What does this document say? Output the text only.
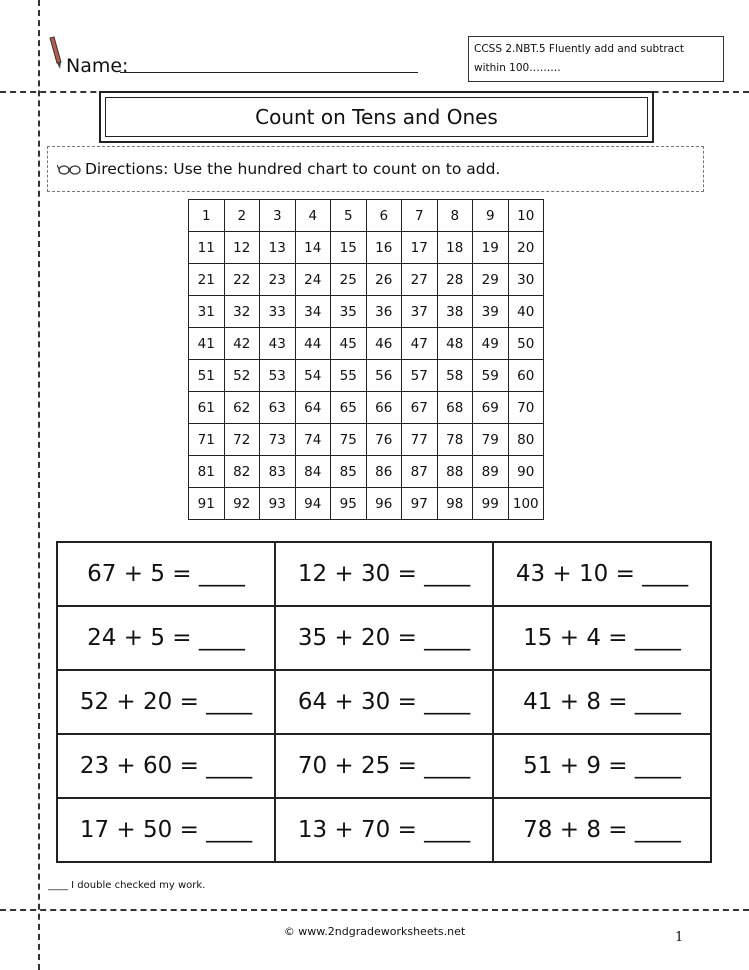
Name:
CCSS 2.NBT.5 Fluently add and subtract
within 100………
Count on Tens and Ones
Directions: Use the hundred chart to count on to add.
1	2	3	4	5	6	7	8	9	10
11	12	13	14	15	16	17	18	19	20
21	22	23	24	25	26	27	28	29	30
31	32	33	34	35	36	37	38	39	40
41	42	43	44	45	46	47	48	49	50
51	52	53	54	55	56	57	58	59	60
61	62	63	64	65	66	67	68	69	70
71	72	73	74	75	76	77	78	79	80
81	82	83	84	85	86	87	88	89	90
91	92	93	94	95	96	97	98	99	100
67 + 5 = ____	12 + 30 = ____	43 + 10 = ____
24 + 5 = ____	35 + 20 = ____	15 + 4 = ____
52 + 20 = ____	64 + 30 = ____	41 + 8 = ____
23 + 60 = ____	70 + 25 = ____	51 + 9 = ____
17 + 50 = ____	13 + 70 = ____	78 + 8 = ____
____ I double checked my work.
© www.2ndgradeworksheets.net	1
